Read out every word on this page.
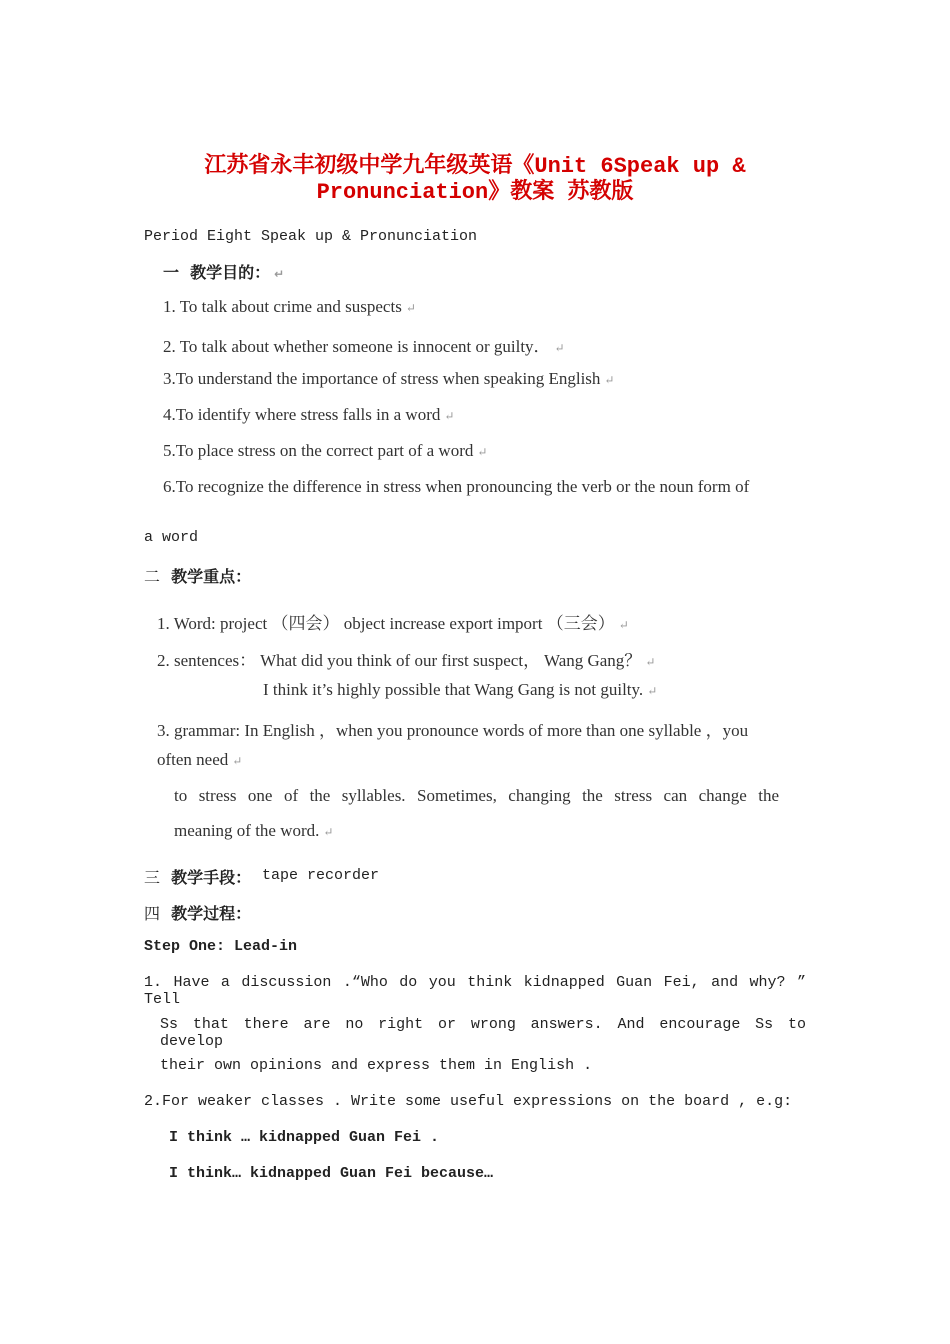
江苏省永丰初级中学九年级英语《Unit 6Speak up &
Pronunciation》教案 苏教版
Period Eight Speak up & Pronunciation
一 教学目的： ↵
1. To talk about crime and suspects ↵
2. To talk about whether someone is innocent or guilty． ↵
3.To understand the importance of stress when speaking English ↵
4.To identify where stress falls in a word ↵
5.To place stress on the correct part of a word ↵
6.To recognize the difference in stress when pronouncing the verb or the noun form of
a word
二 教学重点：
1. Word: project （四会） object increase export import （三会） ↵
2. sentences： What did you think of our first suspect， Wang Gang？ ↵
I think it’s highly possible that Wang Gang is not guilty. ↵
3. grammar: In English ，when you pronounce words of more than one syllable ，you
often need ↵
to stress one of the syllables. Sometimes, changing the stress can change the
meaning of the word. ↵
三 教学手段： tape recorder
四 教学过程：
Step One: Lead-in
1. Have a discussion .“Who do you think kidnapped Guan Fei, and why? ” Tell
Ss that there are no right or wrong answers. And encourage Ss to develop
their own opinions and express them in English .
2.For weaker classes . Write some useful expressions on the board , e.g:
I think … kidnapped Guan Fei .
I think… kidnapped Guan Fei because…
